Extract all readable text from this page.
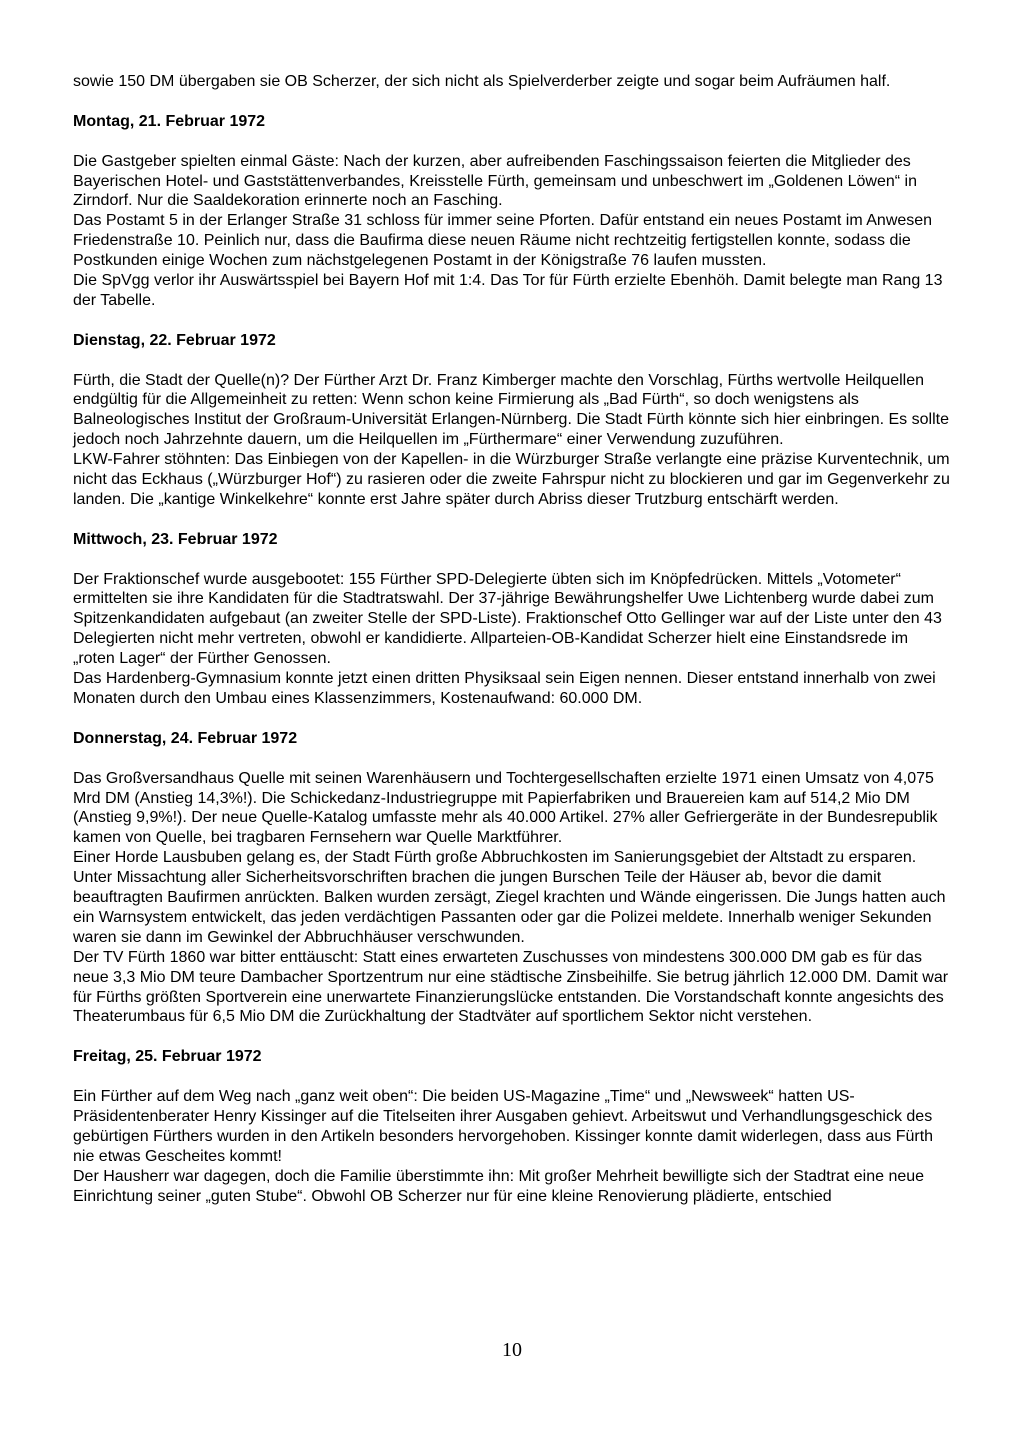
sowie 150 DM übergaben sie OB Scherzer, der sich nicht als Spielverderber zeigte und sogar beim Aufräumen half.

Montag, 21. Februar 1972

Die Gastgeber spielten einmal Gäste: Nach der kurzen, aber aufreibenden Faschingssaison feierten die Mitglieder des Bayerischen Hotel- und Gaststättenverbandes, Kreisstelle Fürth, gemeinsam und unbeschwert im „Goldenen Löwen“ in Zirndorf. Nur die Saaldekoration erinnerte noch an Fasching.

Das Postamt 5 in der Erlanger Straße 31 schloss für immer seine Pforten. Dafür entstand ein neues Postamt im Anwesen Friedenstraße 10. Peinlich nur, dass die Baufirma diese neuen Räume nicht rechtzeitig fertigstellen konnte, sodass die Postkunden einige Wochen zum nächstgelegenen Postamt in der Königstraße 76 laufen mussten.

Die SpVgg verlor ihr Auswärtsspiel bei Bayern Hof mit 1:4. Das Tor für Fürth erzielte Ebenhöh. Damit belegte man Rang 13 der Tabelle.

Dienstag, 22. Februar 1972

Fürth, die Stadt der Quelle(n)? Der Fürther Arzt Dr. Franz Kimberger machte den Vorschlag, Fürths wertvolle Heilquellen endgültig für die Allgemeinheit zu retten: Wenn schon keine Firmierung als „Bad Fürth“, so doch wenigstens als Balneologisches Institut der Großraum-Universität Erlangen-Nürnberg. Die Stadt Fürth könnte sich hier einbringen. Es sollte jedoch noch Jahrzehnte dauern, um die Heilquellen im „Fürthermare“ einer Verwendung zuzuführen.

LKW-Fahrer stöhnten: Das Einbiegen von der Kapellen- in die Würzburger Straße verlangte eine präzise Kurventechnik, um nicht das Eckhaus („Würzburger Hof“) zu rasieren oder die zweite Fahrspur nicht zu blockieren und gar im Gegenverkehr zu landen. Die „kantige Winkelkehre“ konnte erst Jahre später durch Abriss dieser Trutzburg entschärft werden.

Mittwoch, 23. Februar 1972

Der Fraktionschef wurde ausgebootet: 155 Fürther SPD-Delegierte übten sich im Knöpfedrücken. Mittels „Votometer“ ermittelten sie ihre Kandidaten für die Stadtratswahl. Der 37-jährige Bewährungshelfer Uwe Lichtenberg wurde dabei zum Spitzenkandidaten aufgebaut (an zweiter Stelle der SPD-Liste). Fraktionschef Otto Gellinger war auf der Liste unter den 43 Delegierten nicht mehr vertreten, obwohl er kandidierte. Allparteien-OB-Kandidat Scherzer hielt eine Einstandsrede im „roten Lager“ der Fürther Genossen.

Das Hardenberg-Gymnasium konnte jetzt einen dritten Physiksaal sein Eigen nennen. Dieser entstand innerhalb von zwei Monaten durch den Umbau eines Klassenzimmers, Kostenaufwand: 60.000 DM.

Donnerstag, 24. Februar 1972

Das Großversandhaus Quelle mit seinen Warenhäusern und Tochtergesellschaften erzielte 1971 einen Umsatz von 4,075 Mrd DM (Anstieg 14,3%!). Die Schickedanz-Industriegruppe mit Papierfabriken und Brauereien kam auf 514,2 Mio DM (Anstieg 9,9%!). Der neue Quelle-Katalog umfasste mehr als 40.000 Artikel. 27% aller Gefriergeräte in der Bundesrepublik kamen von Quelle, bei tragbaren Fernsehern war Quelle Marktführer.

Einer Horde Lausbuben gelang es, der Stadt Fürth große Abbruchkosten im Sanierungsgebiet der Altstadt zu ersparen. Unter Missachtung aller Sicherheitsvorschriften brachen die jungen Burschen Teile der Häuser ab, bevor die damit beauftragten Baufirmen anrückten. Balken wurden zersägt, Ziegel krachten und Wände eingerissen. Die Jungs hatten auch ein Warnsystem entwickelt, das jeden verdächtigen Passanten oder gar die Polizei meldete. Innerhalb weniger Sekunden waren sie dann im Gewinkel der Abbruchhäuser verschwunden.

Der TV Fürth 1860 war bitter enttäuscht: Statt eines erwarteten Zuschusses von mindestens 300.000 DM gab es für das neue 3,3 Mio DM teure Dambacher Sportzentrum nur eine städtische Zinsbeihilfe. Sie betrug jährlich 12.000 DM. Damit war für Fürths größten Sportverein eine unerwartete Finanzierungslücke entstanden. Die Vorstandschaft konnte angesichts des Theaterumbaus für 6,5 Mio DM die Zurückhaltung der Stadtväter auf sportlichem Sektor nicht verstehen.

Freitag, 25. Februar 1972

Ein Fürther auf dem Weg nach „ganz weit oben“: Die beiden US-Magazine „Time“ und „Newsweek“ hatten US-Präsidentenberater Henry Kissinger auf die Titelseiten ihrer Ausgaben gehievt. Arbeitswut und Verhandlungsgeschick des gebürtigen Fürthers wurden in den Artikeln besonders hervorgehoben. Kissinger konnte damit widerlegen, dass aus Fürth nie etwas Gescheites kommt!

Der Hausherr war dagegen, doch die Familie überstimmte ihn: Mit großer Mehrheit bewilligte sich der Stadtrat eine neue Einrichtung seiner „guten Stube“. Obwohl OB Scherzer nur für eine kleine Renovierung plädierte, entschied

10
